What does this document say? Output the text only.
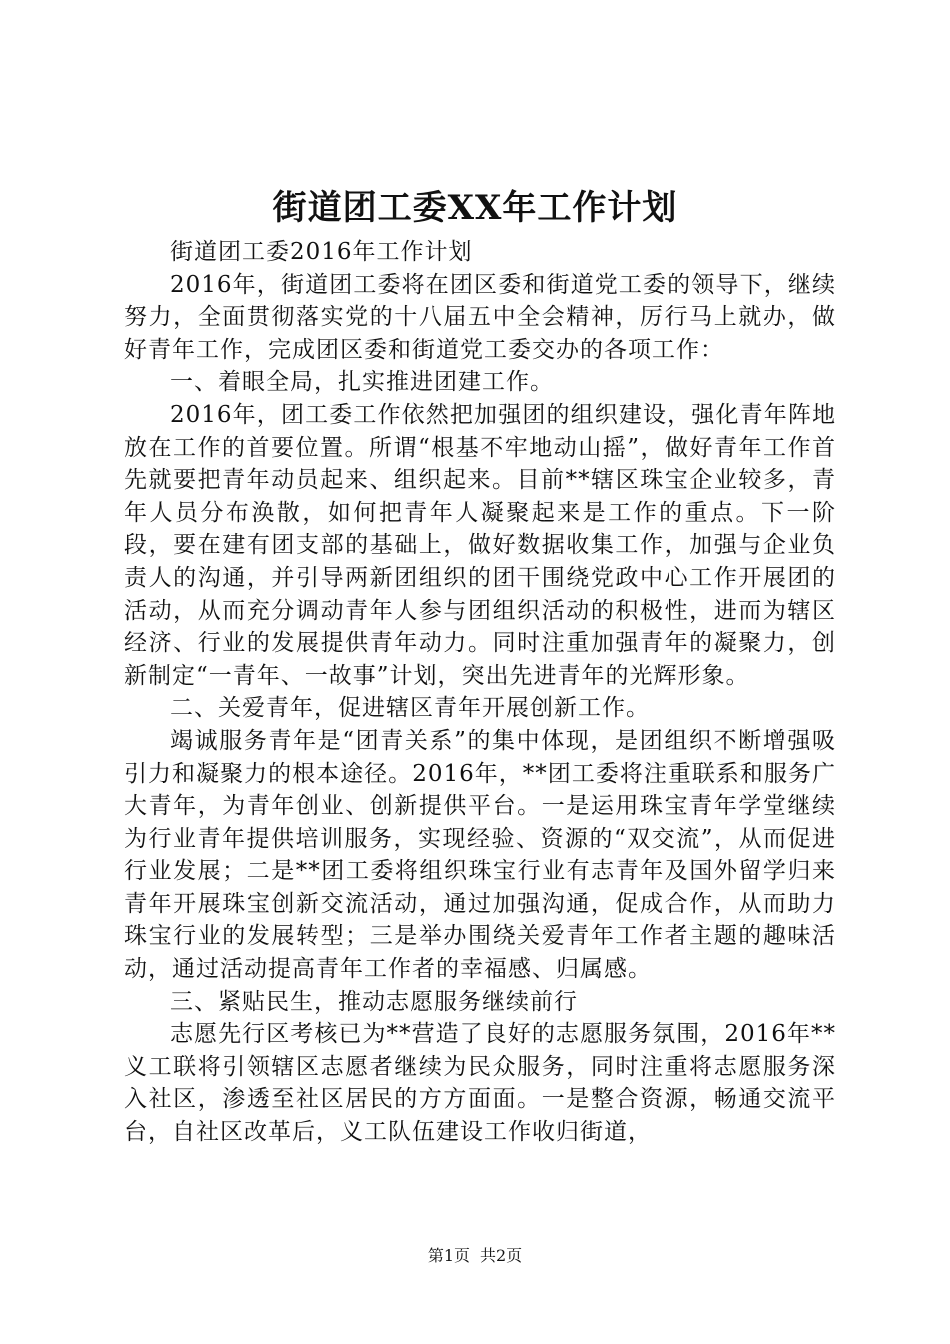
街道团工委XX年工作计划

街道团工委2016年工作计划

2016年，街道团工委将在团区委和街道党工委的领导下，继续努力，全面贯彻落实党的十八届五中全会精神，厉行马上就办，做好青年工作，完成团区委和街道党工委交办的各项工作：

一、着眼全局，扎实推进团建工作。

2016年，团工委工作依然把加强团的组织建设，强化青年阵地放在工作的首要位置。所谓“根基不牢地动山摇”，做好青年工作首先就要把青年动员起来、组织起来。目前**辖区珠宝企业较多，青年人员分布涣散，如何把青年人凝聚起来是工作的重点。下一阶段，要在建有团支部的基础上，做好数据收集工作，加强与企业负责人的沟通，并引导两新团组织的团干围绕党政中心工作开展团的活动，从而充分调动青年人参与团组织活动的积极性，进而为辖区经济、行业的发展提供青年动力。同时注重加强青年的凝聚力，创新制定“一青年、一故事”计划，突出先进青年的光辉形象。

二、关爱青年，促进辖区青年开展创新工作。

竭诚服务青年是“团青关系”的集中体现，是团组织不断增强吸引力和凝聚力的根本途径。2016年，**团工委将注重联系和服务广大青年，为青年创业、创新提供平台。一是运用珠宝青年学堂继续为行业青年提供培训服务，实现经验、资源的“双交流”，从而促进行业发展；二是**团工委将组织珠宝行业有志青年及国外留学归来青年开展珠宝创新交流活动，通过加强沟通，促成合作，从而助力珠宝行业的发展转型；三是举办围绕关爱青年工作者主题的趣味活动，通过活动提高青年工作者的幸福感、归属感。

三、紧贴民生，推动志愿服务继续前行

志愿先行区考核已为**营造了良好的志愿服务氛围，2016年**义工联将引领辖区志愿者继续为民众服务，同时注重将志愿服务深入社区，渗透至社区居民的方方面面。一是整合资源，畅通交流平台，自社区改革后，义工队伍建设工作收归街道，

第1页 共2页
